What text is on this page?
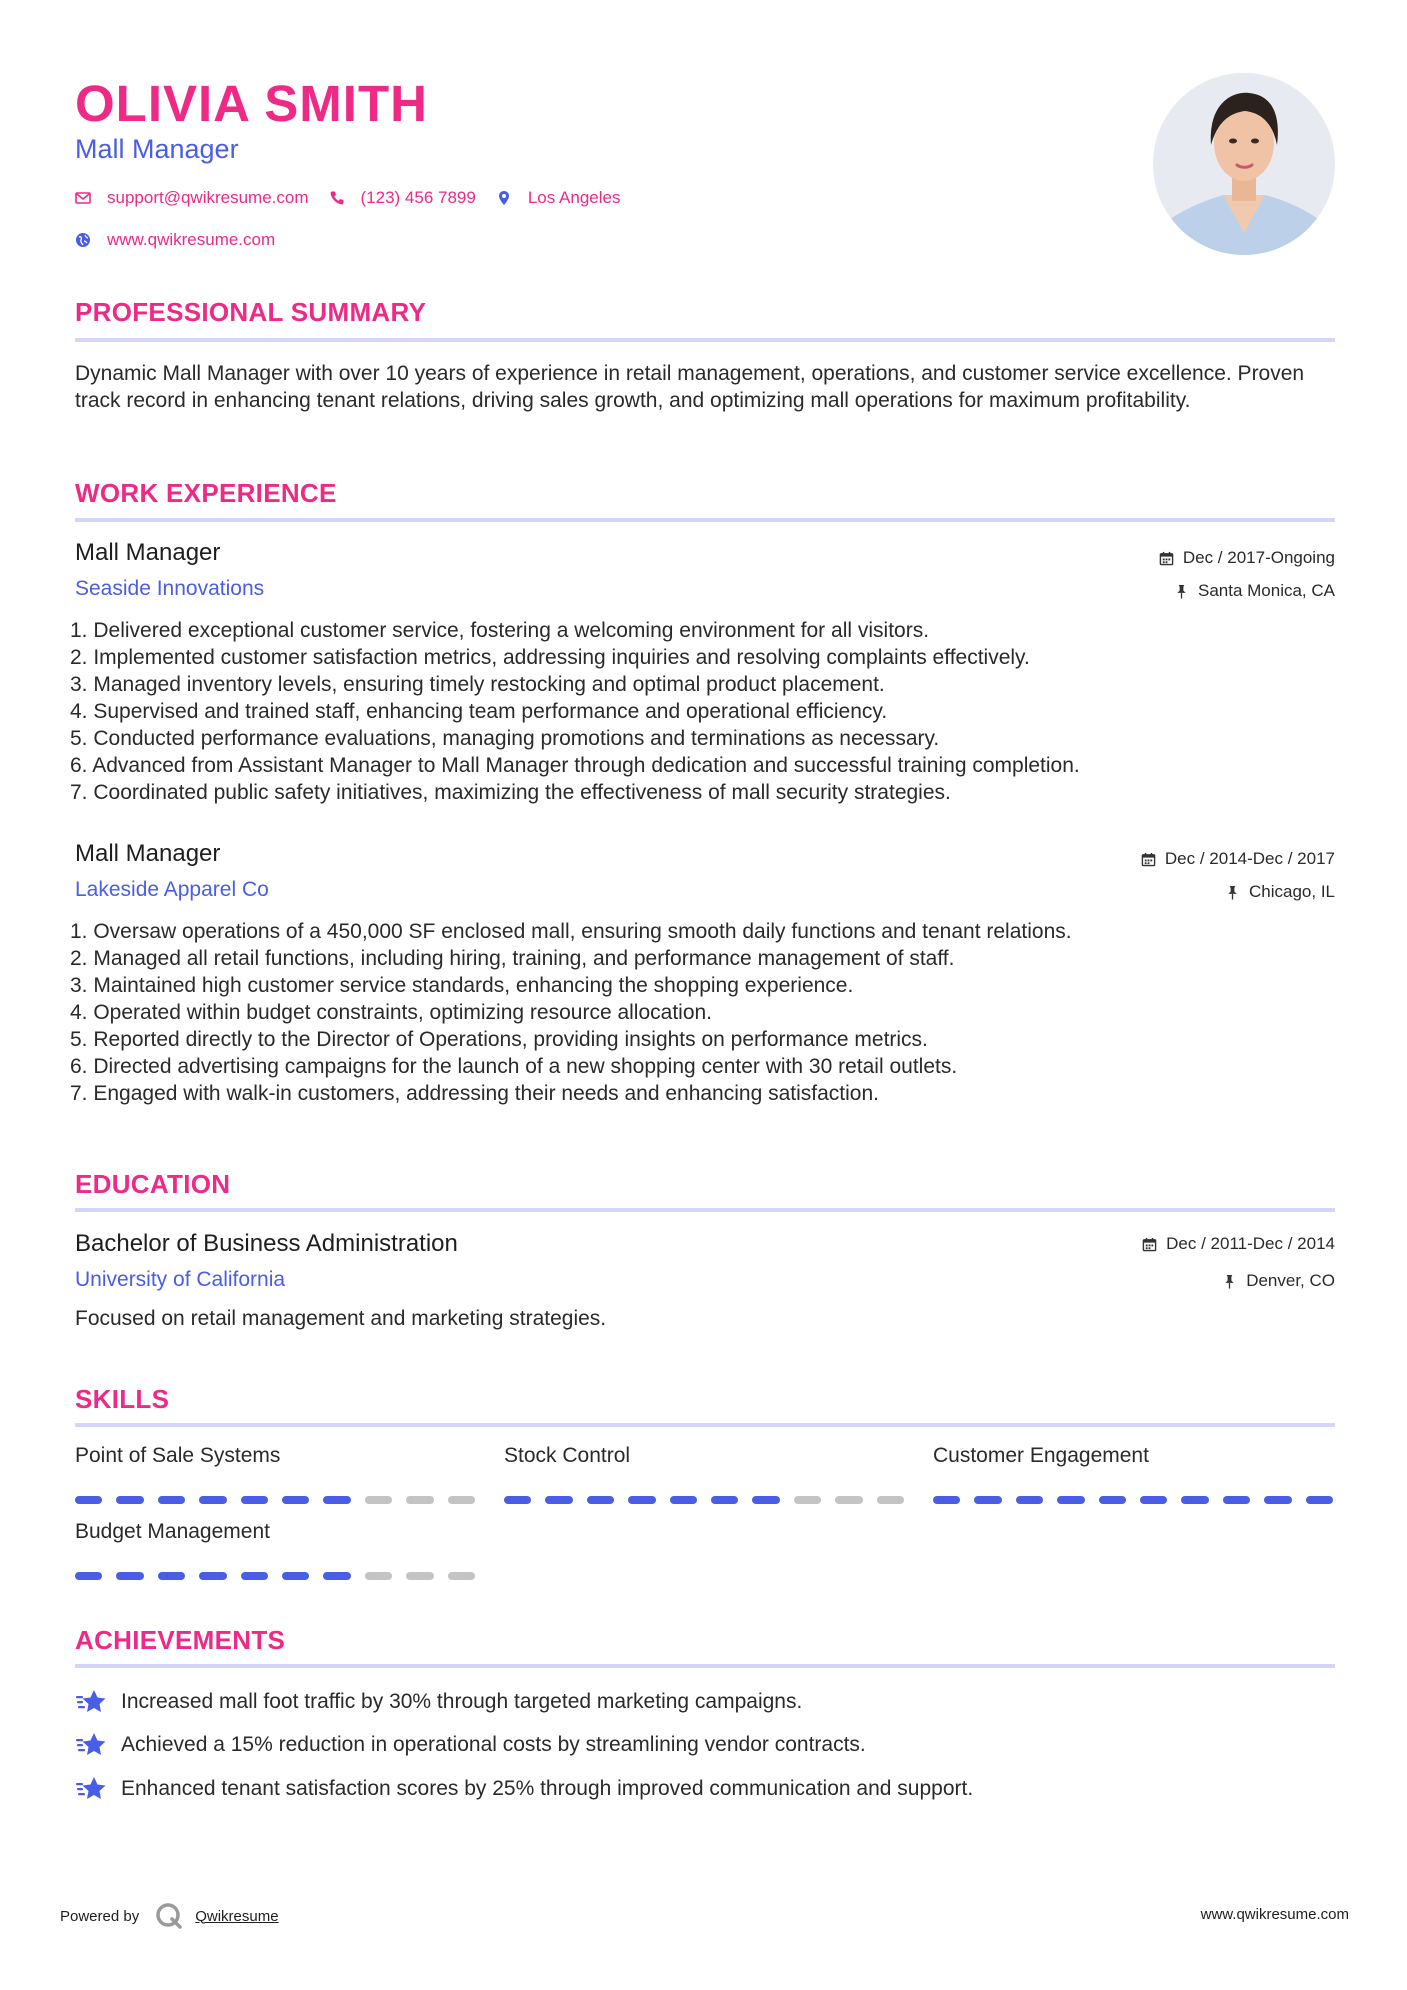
OLIVIA SMITH
Mall Manager
support@qwikresume.com	(123) 456 7899	Los Angeles
www.qwikresume.com
PROFESSIONAL SUMMARY
Dynamic Mall Manager with over 10 years of experience in retail management, operations, and customer service excellence. Proven track record in enhancing tenant relations, driving sales growth, and optimizing mall operations for maximum profitability.
WORK EXPERIENCE
Mall Manager	Dec / 2017-Ongoing
Seaside Innovations	Santa Monica, CA
1. Delivered exceptional customer service, fostering a welcoming environment for all visitors.
2. Implemented customer satisfaction metrics, addressing inquiries and resolving complaints effectively.
3. Managed inventory levels, ensuring timely restocking and optimal product placement.
4. Supervised and trained staff, enhancing team performance and operational efficiency.
5. Conducted performance evaluations, managing promotions and terminations as necessary.
6. Advanced from Assistant Manager to Mall Manager through dedication and successful training completion.
7. Coordinated public safety initiatives, maximizing the effectiveness of mall security strategies.
Mall Manager	Dec / 2014-Dec / 2017
Lakeside Apparel Co	Chicago, IL
1. Oversaw operations of a 450,000 SF enclosed mall, ensuring smooth daily functions and tenant relations.
2. Managed all retail functions, including hiring, training, and performance management of staff.
3. Maintained high customer service standards, enhancing the shopping experience.
4. Operated within budget constraints, optimizing resource allocation.
5. Reported directly to the Director of Operations, providing insights on performance metrics.
6. Directed advertising campaigns for the launch of a new shopping center with 30 retail outlets.
7. Engaged with walk-in customers, addressing their needs and enhancing satisfaction.
EDUCATION
Bachelor of Business Administration	Dec / 2011-Dec / 2014
University of California	Denver, CO
Focused on retail management and marketing strategies.
SKILLS
Point of Sale Systems	Stock Control	Customer Engagement
Budget Management
ACHIEVEMENTS
Increased mall foot traffic by 30% through targeted marketing campaigns.
Achieved a 15% reduction in operational costs by streamlining vendor contracts.
Enhanced tenant satisfaction scores by 25% through improved communication and support.
Powered by	Qwikresume	www.qwikresume.com
